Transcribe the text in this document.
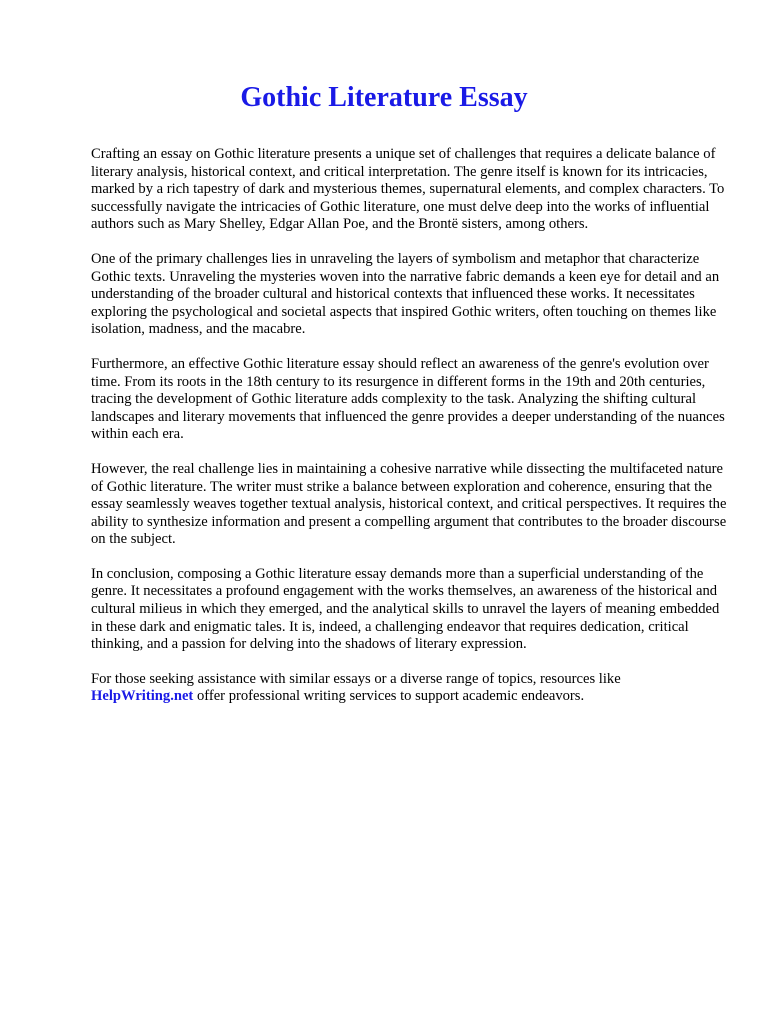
Gothic Literature Essay

Crafting an essay on Gothic literature presents a unique set of challenges that requires a delicate balance of literary analysis, historical context, and critical interpretation. The genre itself is known for its intricacies, marked by a rich tapestry of dark and mysterious themes, supernatural elements, and complex characters. To successfully navigate the intricacies of Gothic literature, one must delve deep into the works of influential authors such as Mary Shelley, Edgar Allan Poe, and the Brontë sisters, among others.

One of the primary challenges lies in unraveling the layers of symbolism and metaphor that characterize Gothic texts. Unraveling the mysteries woven into the narrative fabric demands a keen eye for detail and an understanding of the broader cultural and historical contexts that influenced these works. It necessitates exploring the psychological and societal aspects that inspired Gothic writers, often touching on themes like isolation, madness, and the macabre.

Furthermore, an effective Gothic literature essay should reflect an awareness of the genre's evolution over time. From its roots in the 18th century to its resurgence in different forms in the 19th and 20th centuries, tracing the development of Gothic literature adds complexity to the task. Analyzing the shifting cultural landscapes and literary movements that influenced the genre provides a deeper understanding of the nuances within each era.

However, the real challenge lies in maintaining a cohesive narrative while dissecting the multifaceted nature of Gothic literature. The writer must strike a balance between exploration and coherence, ensuring that the essay seamlessly weaves together textual analysis, historical context, and critical perspectives. It requires the ability to synthesize information and present a compelling argument that contributes to the broader discourse on the subject.

In conclusion, composing a Gothic literature essay demands more than a superficial understanding of the genre. It necessitates a profound engagement with the works themselves, an awareness of the historical and cultural milieus in which they emerged, and the analytical skills to unravel the layers of meaning embedded in these dark and enigmatic tales. It is, indeed, a challenging endeavor that requires dedication, critical thinking, and a passion for delving into the shadows of literary expression.

For those seeking assistance with similar essays or a diverse range of topics, resources like
HelpWriting.net offer professional writing services to support academic endeavors.
